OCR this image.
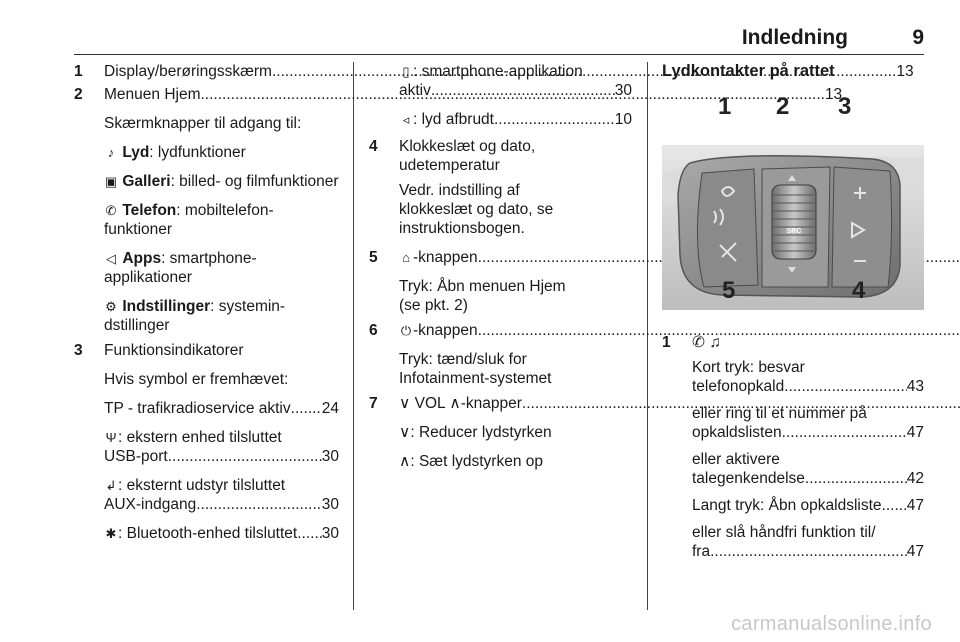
Indledning	9
1	Display/berøringsskærm .....	13
2	Menuen Hjem .....	13
Skærmknapper til adgang til:
♪ Lyd: lydfunktioner
▣ Galleri: billed- og filmfunktioner
✆ Telefon: mobiltelefon-funktioner
◁ Apps: smartphone-applikationer
⚙ Indstillinger: systemin-dstillinger
3	Funktionsindikatorer
Hvis symbol er fremhævet:
TP - trafikradioservice aktiv ..... 24
Ψ : ekstern enhed tilsluttet
USB-port .....	30
↲: eksternt udstyr tilsluttet
AUX-indgang .....	30
✱ : Bluetooth-enhed tilsluttet ..... 30
▯ : smartphone-applikation
aktiv .....	30
◃ : lyd afbrudt .....	10
4	Klokkeslæt og dato,
udetemperatur
Vedr. indstilling af
klokkeslæt og dato, se
instruktionsbogen.
5	⌂ -knappen
.....
Tryk: Åbn menuen Hjem
(se pkt. 2)
6	⏻ -knappen
.....
Tryk: tænd/sluk for
Infotainment-systemet
7	∨ VOL ∧-knapper
.....
∨: Reducer lydstyrken
∧: Sæt lydstyrken op
Lydkontakter på rattet
1 2 3
SRC
5	4
1	✆ ♫
Kort tryk: besvar
telefonopkald .....	43
eller ring til et nummer på
opkaldslisten .....	47
eller aktivere
talegenkendelse .....	42
Langt tryk: Åbn opkaldsliste ..... 47
eller slå håndfri funktion til/
fra .....	47
carmanualsonline.info
